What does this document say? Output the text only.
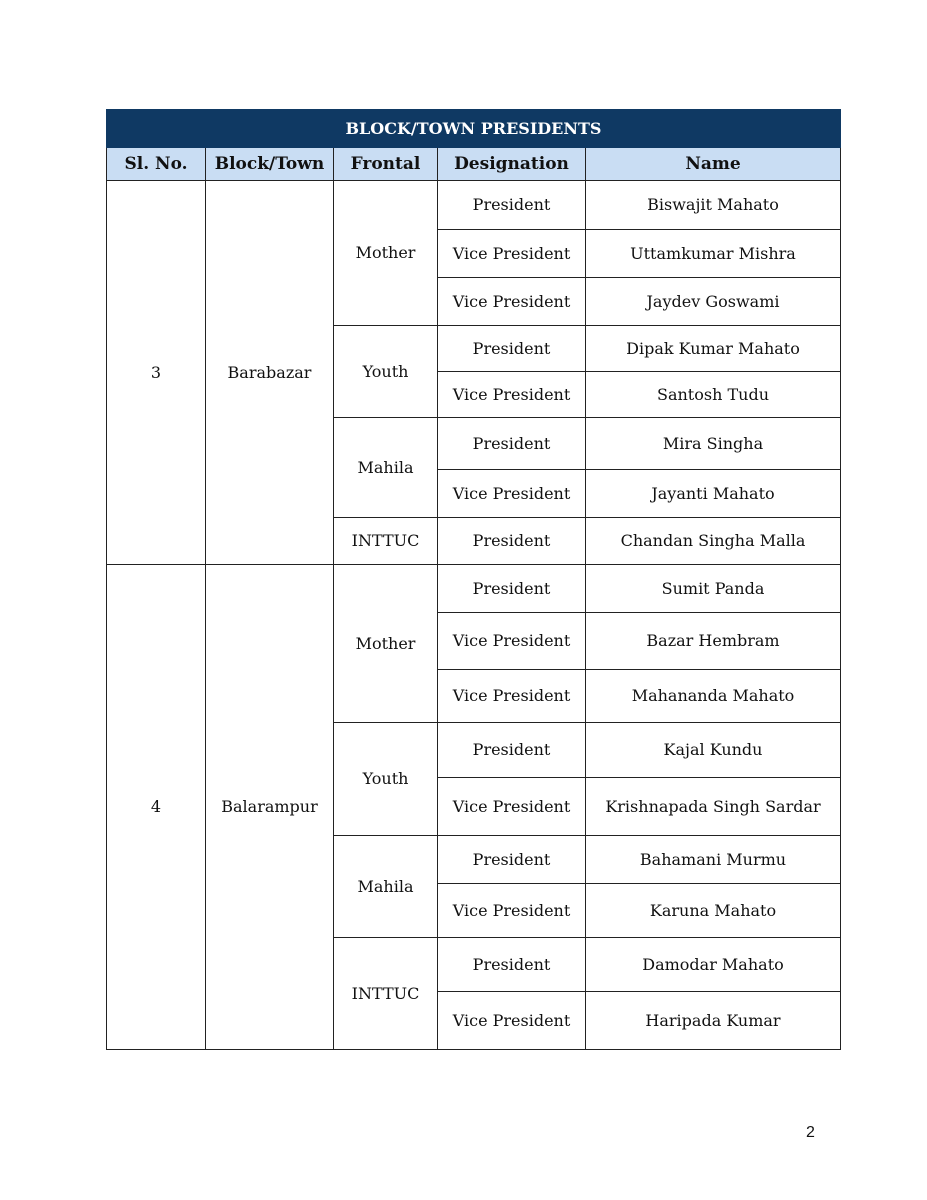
BLOCK/TOWN PRESIDENTS				
Sl. No.	Block/Town	Frontal	Designation	Name
3	Barabazar	Mother	President	Biswajit Mahato
			Vice President	Uttamkumar Mishra
			Vice President	Jaydev Goswami
		Youth	President	Dipak Kumar Mahato
			Vice President	Santosh Tudu
		Mahila	President	Mira Singha
			Vice President	Jayanti Mahato
		INTTUC	President	Chandan Singha Malla
4	Balarampur	Mother	President	Sumit Panda
			Vice President	Bazar Hembram
			Vice President	Mahananda Mahato
		Youth	President	Kajal Kundu
			Vice President	Krishnapada Singh Sardar
		Mahila	President	Bahamani Murmu
			Vice President	Karuna Mahato
		INTTUC	President	Damodar Mahato
			Vice President	Haripada Kumar
2
